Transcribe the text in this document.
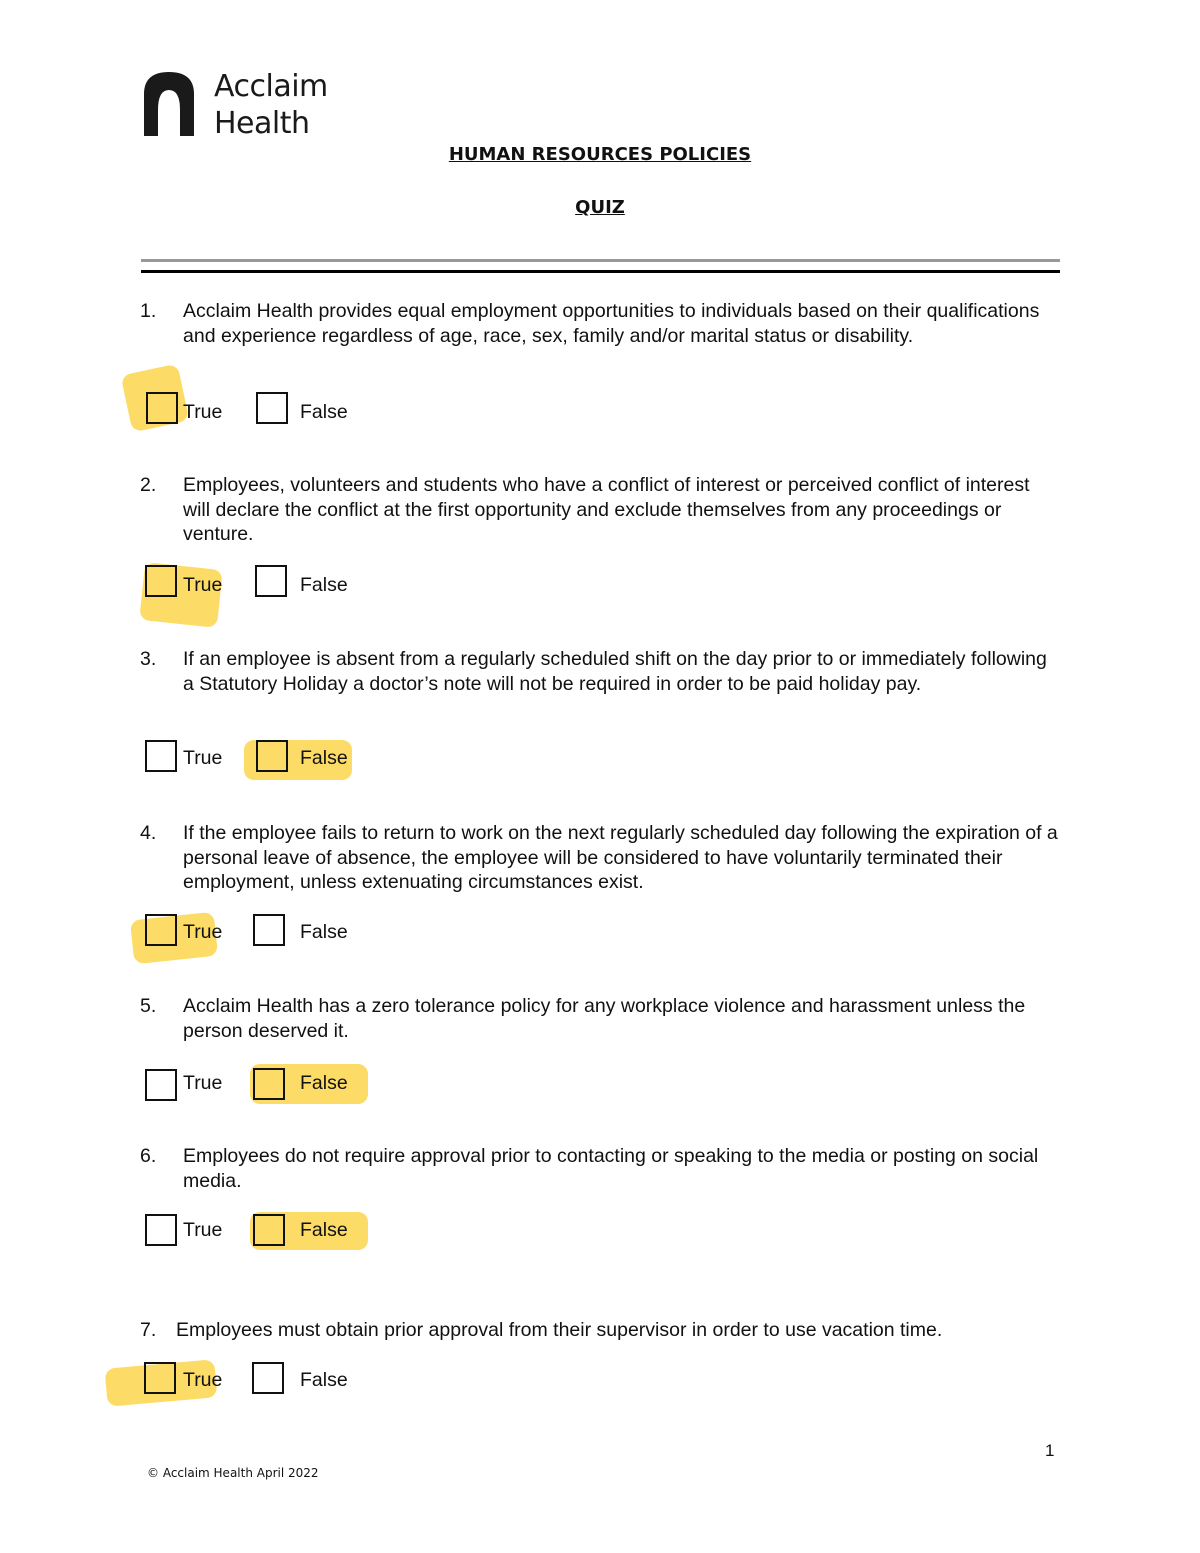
Acclaim
Health
HUMAN RESOURCES POLICIES
QUIZ
1. Acclaim Health provides equal employment opportunities to individuals based on their qualifications and experience regardless of age, race, sex, family and/or marital status or disability.
True	False
2. Employees, volunteers and students who have a conflict of interest or perceived conflict of interest will declare the conflict at the first opportunity and exclude themselves from any proceedings or venture.
True	False
3. If an employee is absent from a regularly scheduled shift on the day prior to or immediately following a Statutory Holiday a doctor’s note will not be required in order to be paid holiday pay.
True	False
4. If the employee fails to return to work on the next regularly scheduled day following the expiration of a personal leave of absence, the employee will be considered to have voluntarily terminated their employment, unless extenuating circumstances exist.
True	False
5. Acclaim Health has a zero tolerance policy for any workplace violence and harassment unless the person deserved it.
True	False
6. Employees do not require approval prior to contacting or speaking to the media or posting on social media.
True	False
7. Employees must obtain prior approval from their supervisor in order to use vacation time.
True	False
1
© Acclaim Health April 2022
